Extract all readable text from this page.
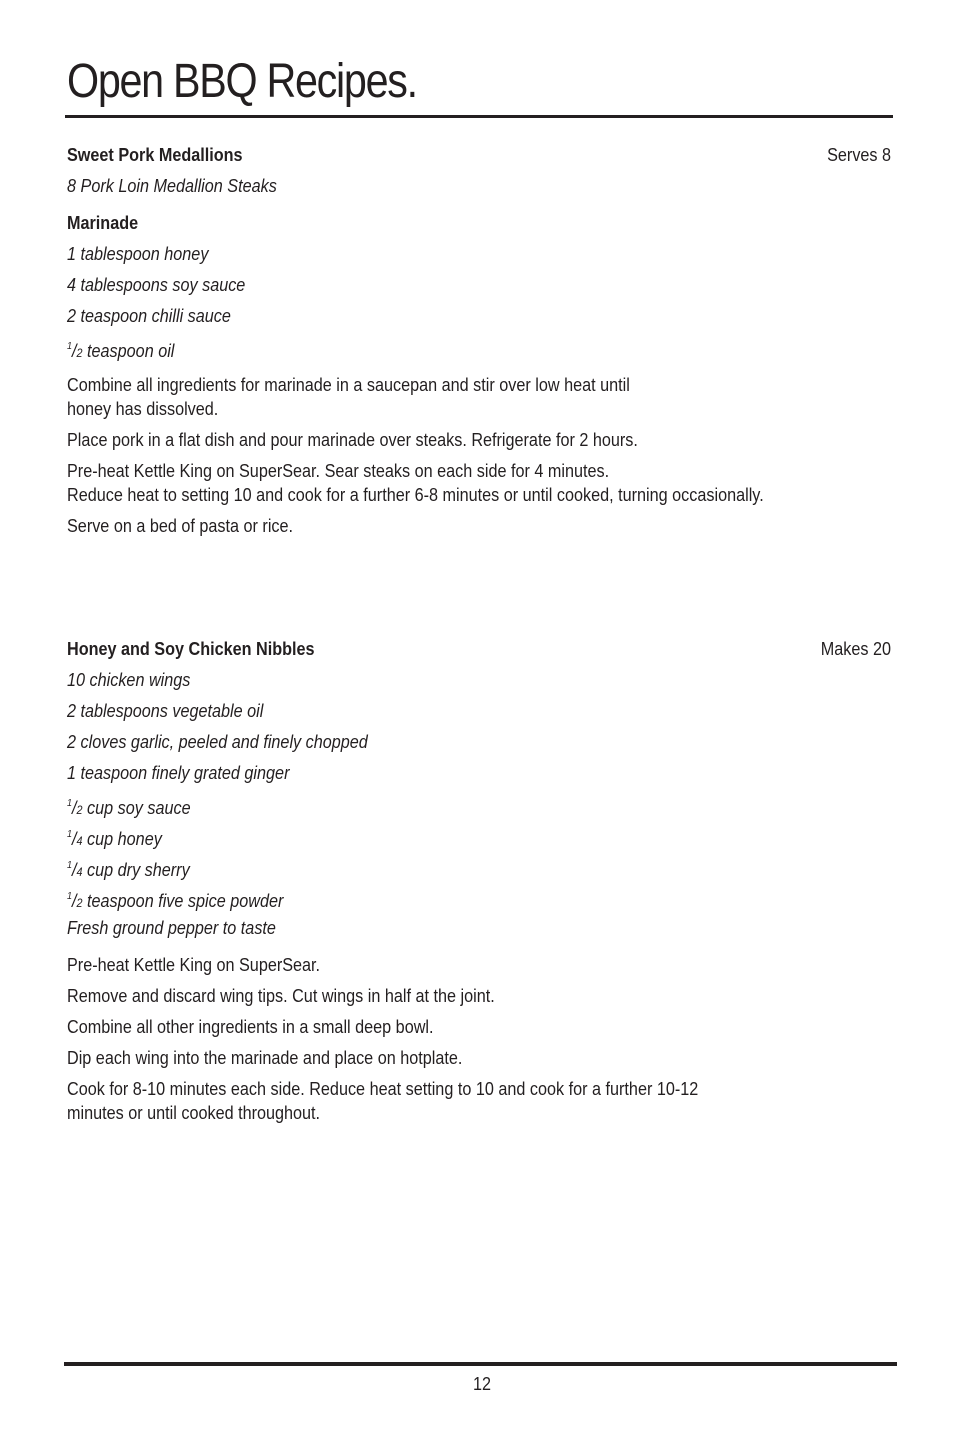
Open BBQ Recipes.
Sweet Pork Medallions	Serves 8
8 Pork Loin Medallion Steaks
Marinade
1 tablespoon honey
4 tablespoons soy sauce
2 teaspoon chilli sauce
$^1$/2 teaspoon oil
Combine all ingredients for marinade in a saucepan and stir over low heat until
honey has dissolved.
Place pork in a flat dish and pour marinade over steaks. Refrigerate for 2 hours.
Pre-heat Kettle King on SuperSear. Sear steaks on each side for 4 minutes.
Reduce heat to setting 10 and cook for a further 6-8 minutes or until cooked, turning occasionally.
Serve on a bed of pasta or rice.
Honey and Soy Chicken Nibbles	Makes 20
10 chicken wings
2 tablespoons vegetable oil
2 cloves garlic, peeled and finely chopped
1 teaspoon finely grated ginger
$^1$/2 cup soy sauce
$^1$/4 cup honey
$^1$/4 cup dry sherry
$^1$/2 teaspoon five spice powder
Fresh ground pepper to taste
Pre-heat Kettle King on SuperSear.
Remove and discard wing tips. Cut wings in half at the joint.
Combine all other ingredients in a small deep bowl.
Dip each wing into the marinade and place on hotplate.
Cook for 8-10 minutes each side. Reduce heat setting to 10 and cook for a further 10-12
minutes or until cooked throughout.
12
